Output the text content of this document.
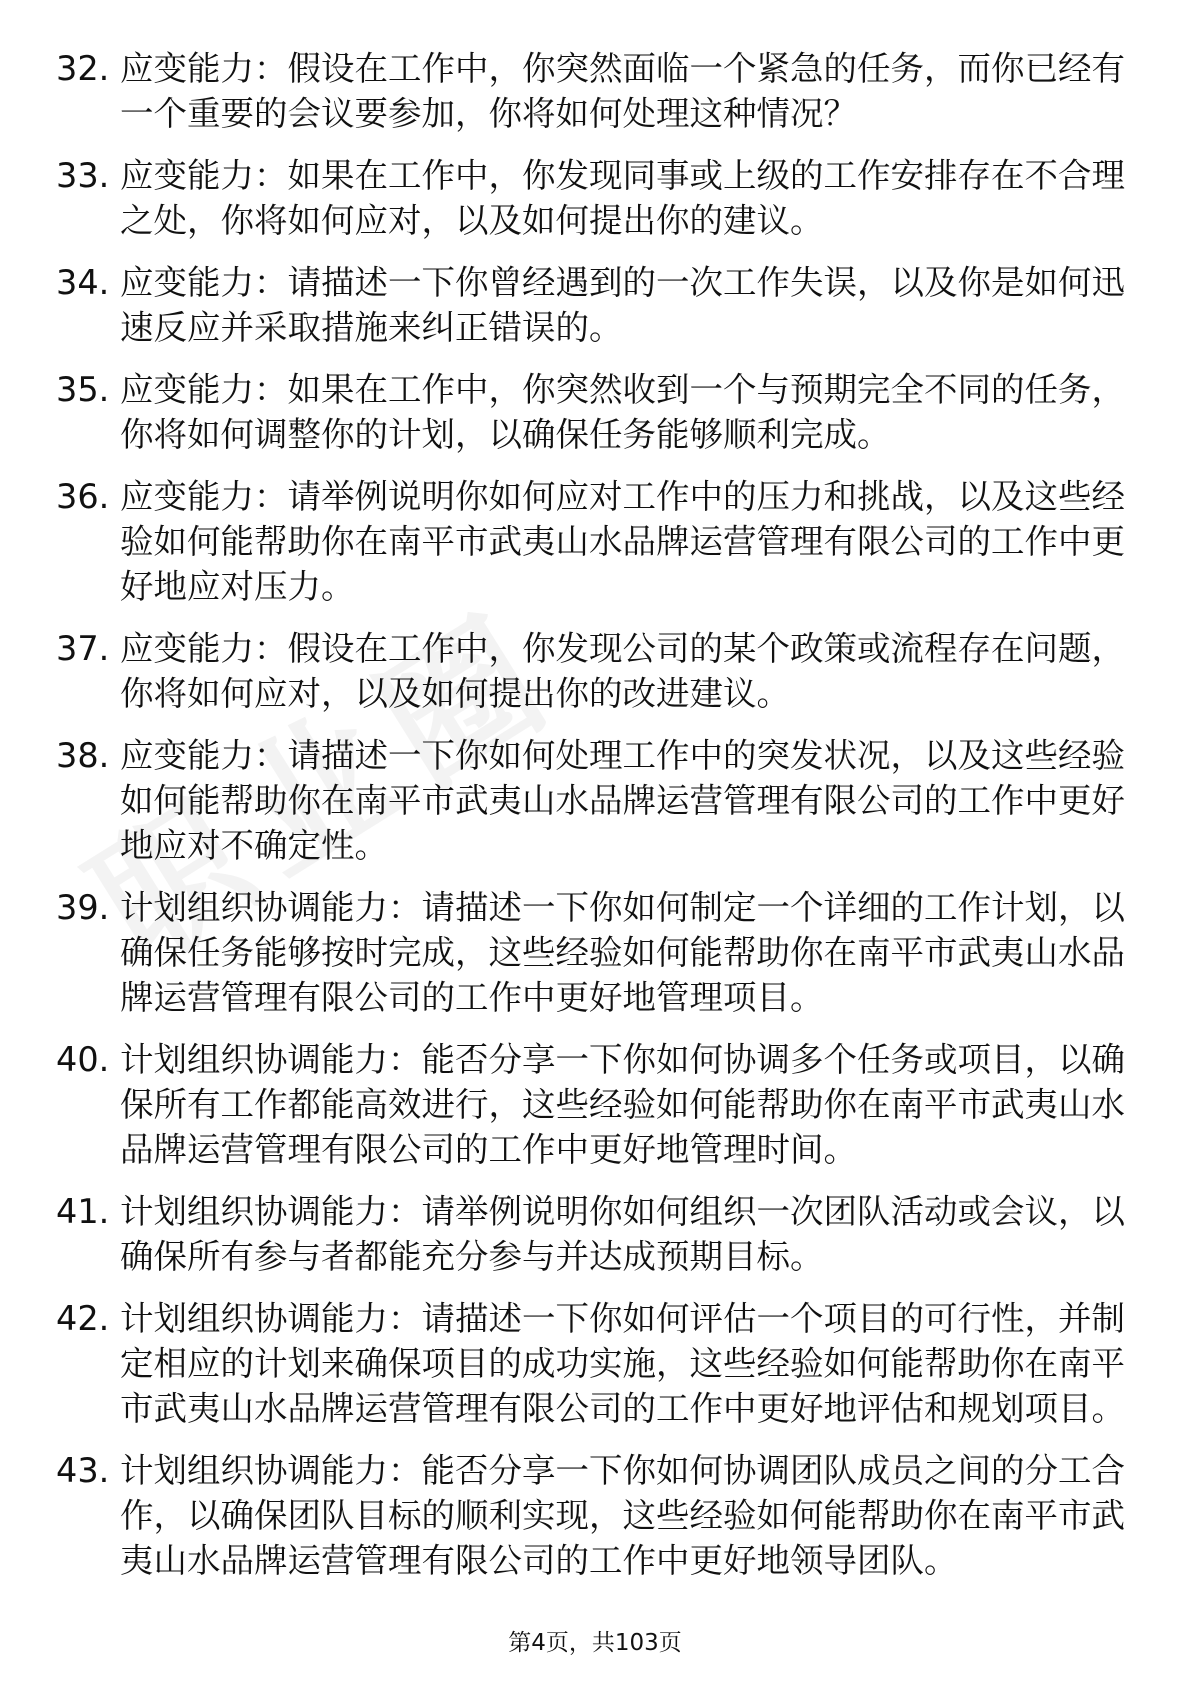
32. 应变能力：假设在工作中，你突然面临一个紧急的任务，而你已经有一个重要的会议要参加，你将如何处理这种情况？
33. 应变能力：如果在工作中，你发现同事或上级的工作安排存在不合理之处，你将如何应对，以及如何提出你的建议。
34. 应变能力：请描述一下你曾经遇到的一次工作失误，以及你是如何迅速反应并采取措施来纠正错误的。
35. 应变能力：如果在工作中，你突然收到一个与预期完全不同的任务，你将如何调整你的计划，以确保任务能够顺利完成。
36. 应变能力：请举例说明你如何应对工作中的压力和挑战，以及这些经验如何能帮助你在南平市武夷山水品牌运营管理有限公司的工作中更好地应对压力。
37. 应变能力：假设在工作中，你发现公司的某个政策或流程存在问题，你将如何应对，以及如何提出你的改进建议。
38. 应变能力：请描述一下你如何处理工作中的突发状况，以及这些经验如何能帮助你在南平市武夷山水品牌运营管理有限公司的工作中更好地应对不确定性。
39. 计划组织协调能力：请描述一下你如何制定一个详细的工作计划，以确保任务能够按时完成，这些经验如何能帮助你在南平市武夷山水品牌运营管理有限公司的工作中更好地管理项目。
40. 计划组织协调能力：能否分享一下你如何协调多个任务或项目，以确保所有工作都能高效进行，这些经验如何能帮助你在南平市武夷山水品牌运营管理有限公司的工作中更好地管理时间。
41. 计划组织协调能力：请举例说明你如何组织一次团队活动或会议，以确保所有参与者都能充分参与并达成预期目标。
42. 计划组织协调能力：请描述一下你如何评估一个项目的可行性，并制定相应的计划来确保项目的成功实施，这些经验如何能帮助你在南平市武夷山水品牌运营管理有限公司的工作中更好地评估和规划项目。
43. 计划组织协调能力：能否分享一下你如何协调团队成员之间的分工合作，以确保团队目标的顺利实现，这些经验如何能帮助你在南平市武夷山水品牌运营管理有限公司的工作中更好地领导团队。
第4页，共103页
